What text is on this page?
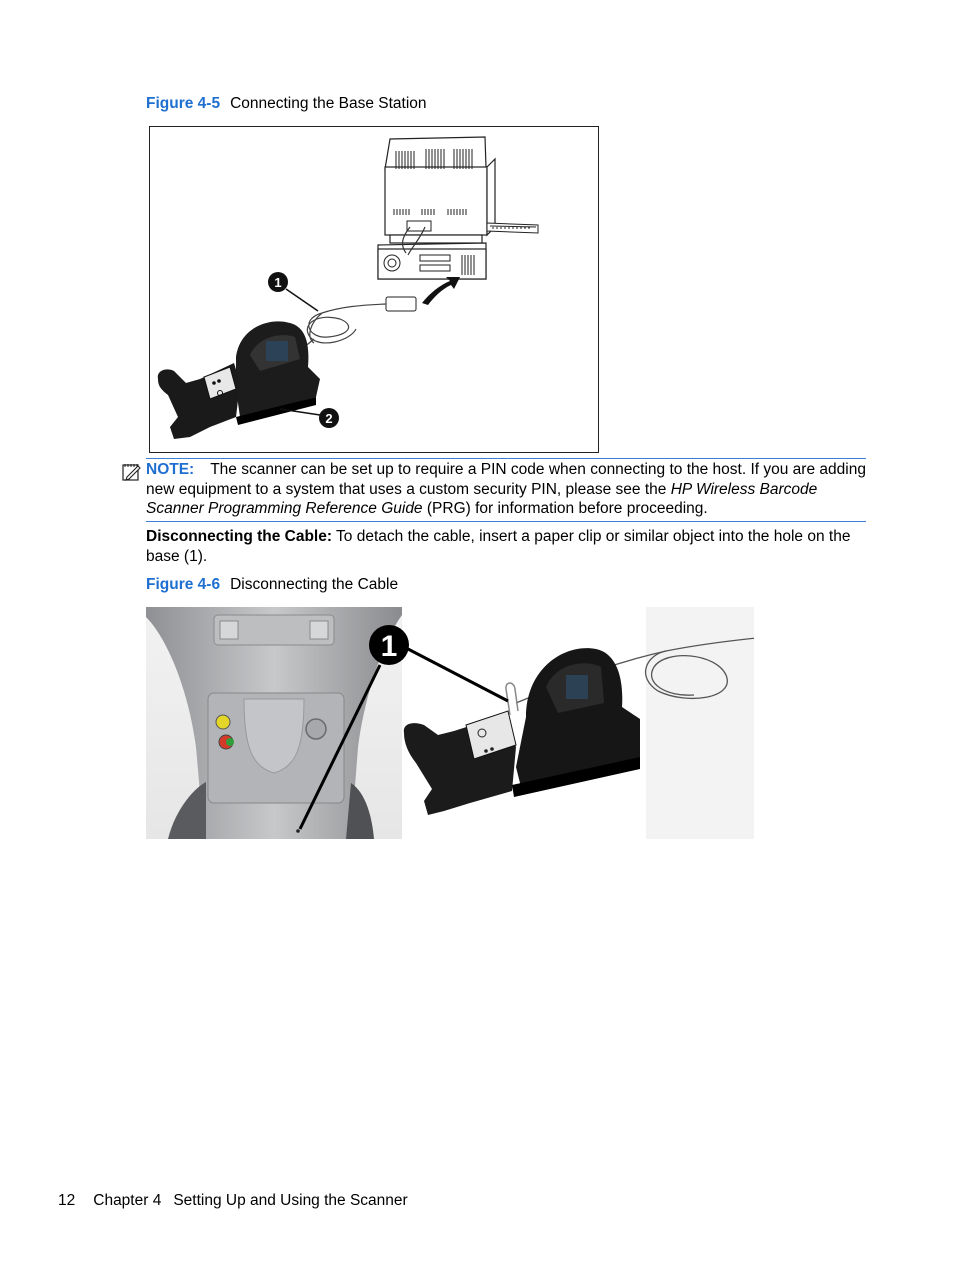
Figure 4-5 Connecting the Base Station
1
2
NOTE: The scanner can be set up to require a PIN code when connecting to the host. If you are adding new equipment to a system that uses a custom security PIN, please see the HP Wireless Barcode Scanner Programming Reference Guide (PRG) for information before proceeding.
Disconnecting the Cable: To detach the cable, insert a paper clip or similar object into the hole on the base (1).
Figure 4-6 Disconnecting the Cable
1
12 Chapter 4 Setting Up and Using the Scanner
